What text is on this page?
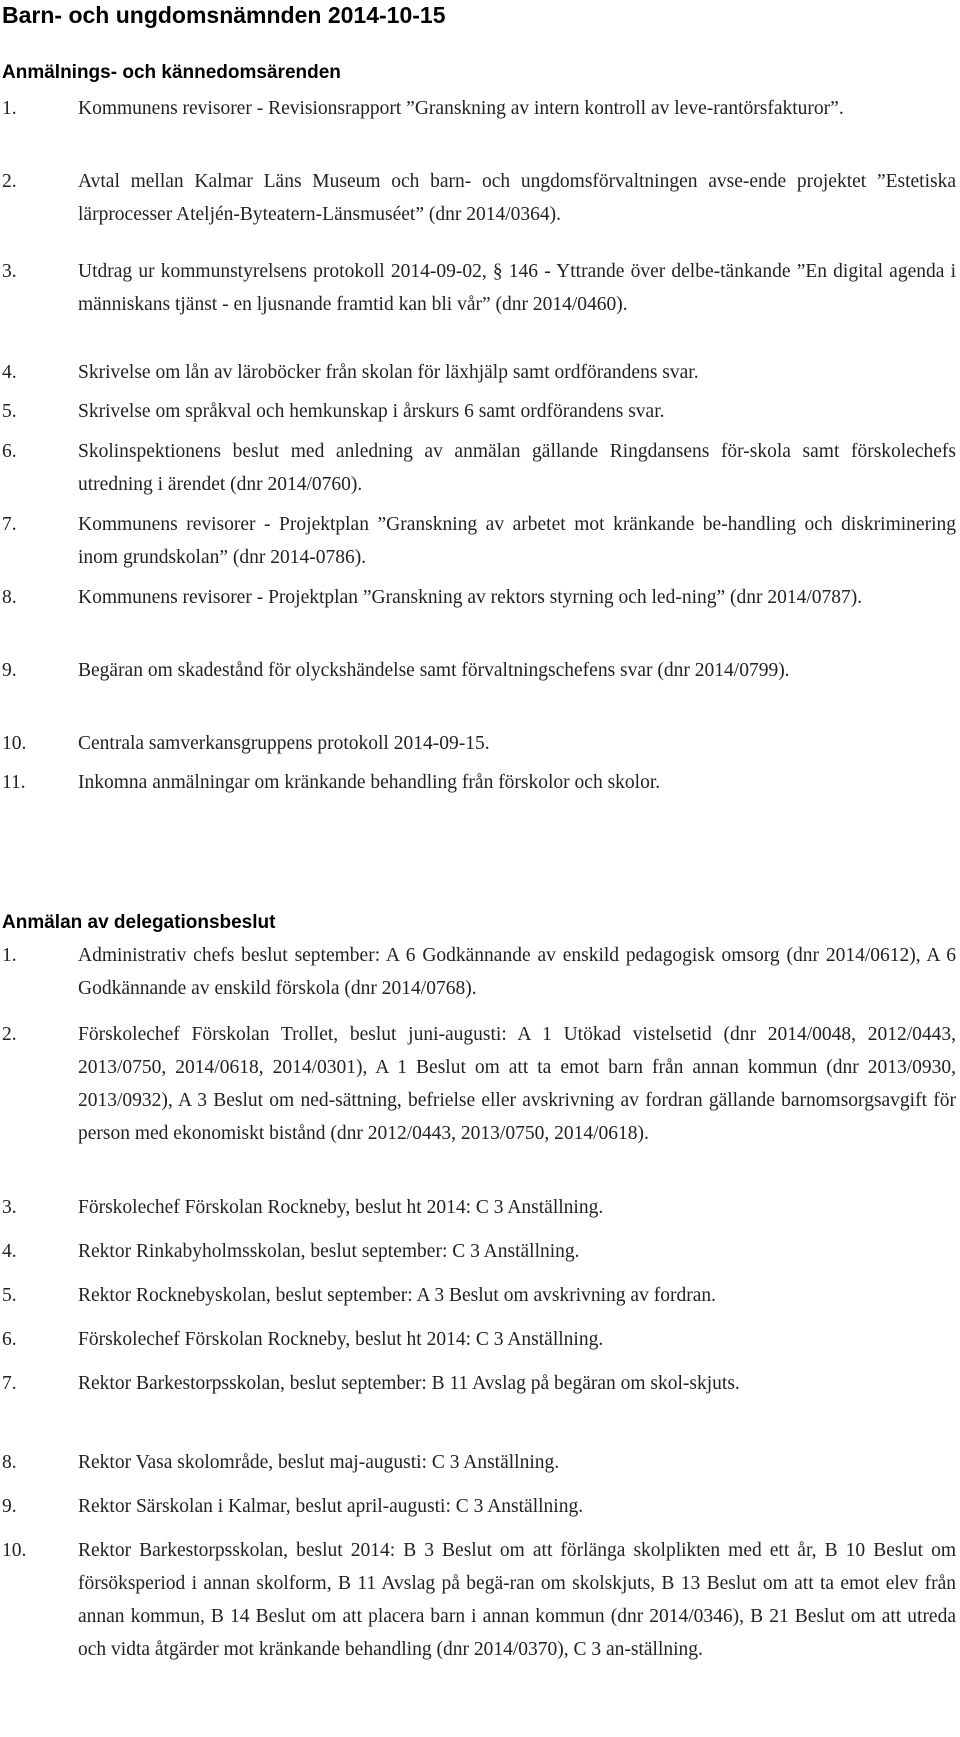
Barn- och ungdomsnämnden 2014-10-15
Anmälnings- och kännedomsärenden
1.	Kommunens revisorer - Revisionsrapport ”Granskning av intern kontroll av leve-rantörsfakturor”.
2.	Avtal mellan Kalmar Läns Museum och barn- och ungdomsförvaltningen avse-ende projektet ”Estetiska lärprocesser Ateljén-Byteatern-Länsmuséet” (dnr 2014/0364).
3.	Utdrag ur kommunstyrelsens protokoll 2014-09-02, § 146 - Yttrande över delbe-tänkande ”En digital agenda i människans tjänst - en ljusnande framtid kan bli vår” (dnr 2014/0460).
4.	Skrivelse om lån av läroböcker från skolan för läxhjälp samt ordförandens svar.
5.	Skrivelse om språkval och hemkunskap i årskurs 6 samt ordförandens svar.
6.	Skolinspektionens beslut med anledning av anmälan gällande Ringdansens för-skola samt förskolechefs utredning i ärendet (dnr 2014/0760).
7.	Kommunens revisorer - Projektplan ”Granskning av arbetet mot kränkande be-handling och diskriminering inom grundskolan” (dnr 2014-0786).
8.	Kommunens revisorer - Projektplan ”Granskning av rektors styrning och led-ning” (dnr 2014/0787).
9.	Begäran om skadestånd för olyckshändelse samt förvaltningschefens svar (dnr 2014/0799).
10.	Centrala samverkansgruppens protokoll 2014-09-15.
11.	Inkomna anmälningar om kränkande behandling från förskolor och skolor.
Anmälan av delegationsbeslut
1.	Administrativ chefs beslut september: A 6 Godkännande av enskild pedagogisk omsorg (dnr 2014/0612), A 6 Godkännande av enskild förskola (dnr 2014/0768).
2.	Förskolechef Förskolan Trollet, beslut juni-augusti: A 1 Utökad vistelsetid (dnr 2014/0048, 2012/0443, 2013/0750, 2014/0618, 2014/0301), A 1 Beslut om att ta emot barn från annan kommun (dnr 2013/0930, 2013/0932), A 3 Beslut om ned-sättning, befrielse eller avskrivning av fordran gällande barnomsorgsavgift för person med ekonomiskt bistånd (dnr 2012/0443, 2013/0750, 2014/0618).
3.	Förskolechef Förskolan Rockneby, beslut ht 2014: C 3 Anställning.
4.	Rektor Rinkabyholmsskolan, beslut september: C 3 Anställning.
5.	Rektor Rocknebyskolan, beslut september: A 3 Beslut om avskrivning av fordran.
6.	Förskolechef Förskolan Rockneby, beslut ht 2014: C 3 Anställning.
7.	Rektor Barkestorpsskolan, beslut september: B 11 Avslag på begäran om skol-skjuts.
8.	Rektor Vasa skolområde, beslut maj-augusti: C 3 Anställning.
9.	Rektor Särskolan i Kalmar, beslut april-augusti: C 3 Anställning.
10.	Rektor Barkestorpsskolan, beslut 2014: B 3 Beslut om att förlänga skolplikten med ett år, B 10 Beslut om försöksperiod i annan skolform, B 11 Avslag på begä-ran om skolskjuts, B 13 Beslut om att ta emot elev från annan kommun, B 14 Beslut om att placera barn i annan kommun (dnr 2014/0346), B 21 Beslut om att utreda och vidta åtgärder mot kränkande behandling (dnr 2014/0370), C 3 an-ställning.
